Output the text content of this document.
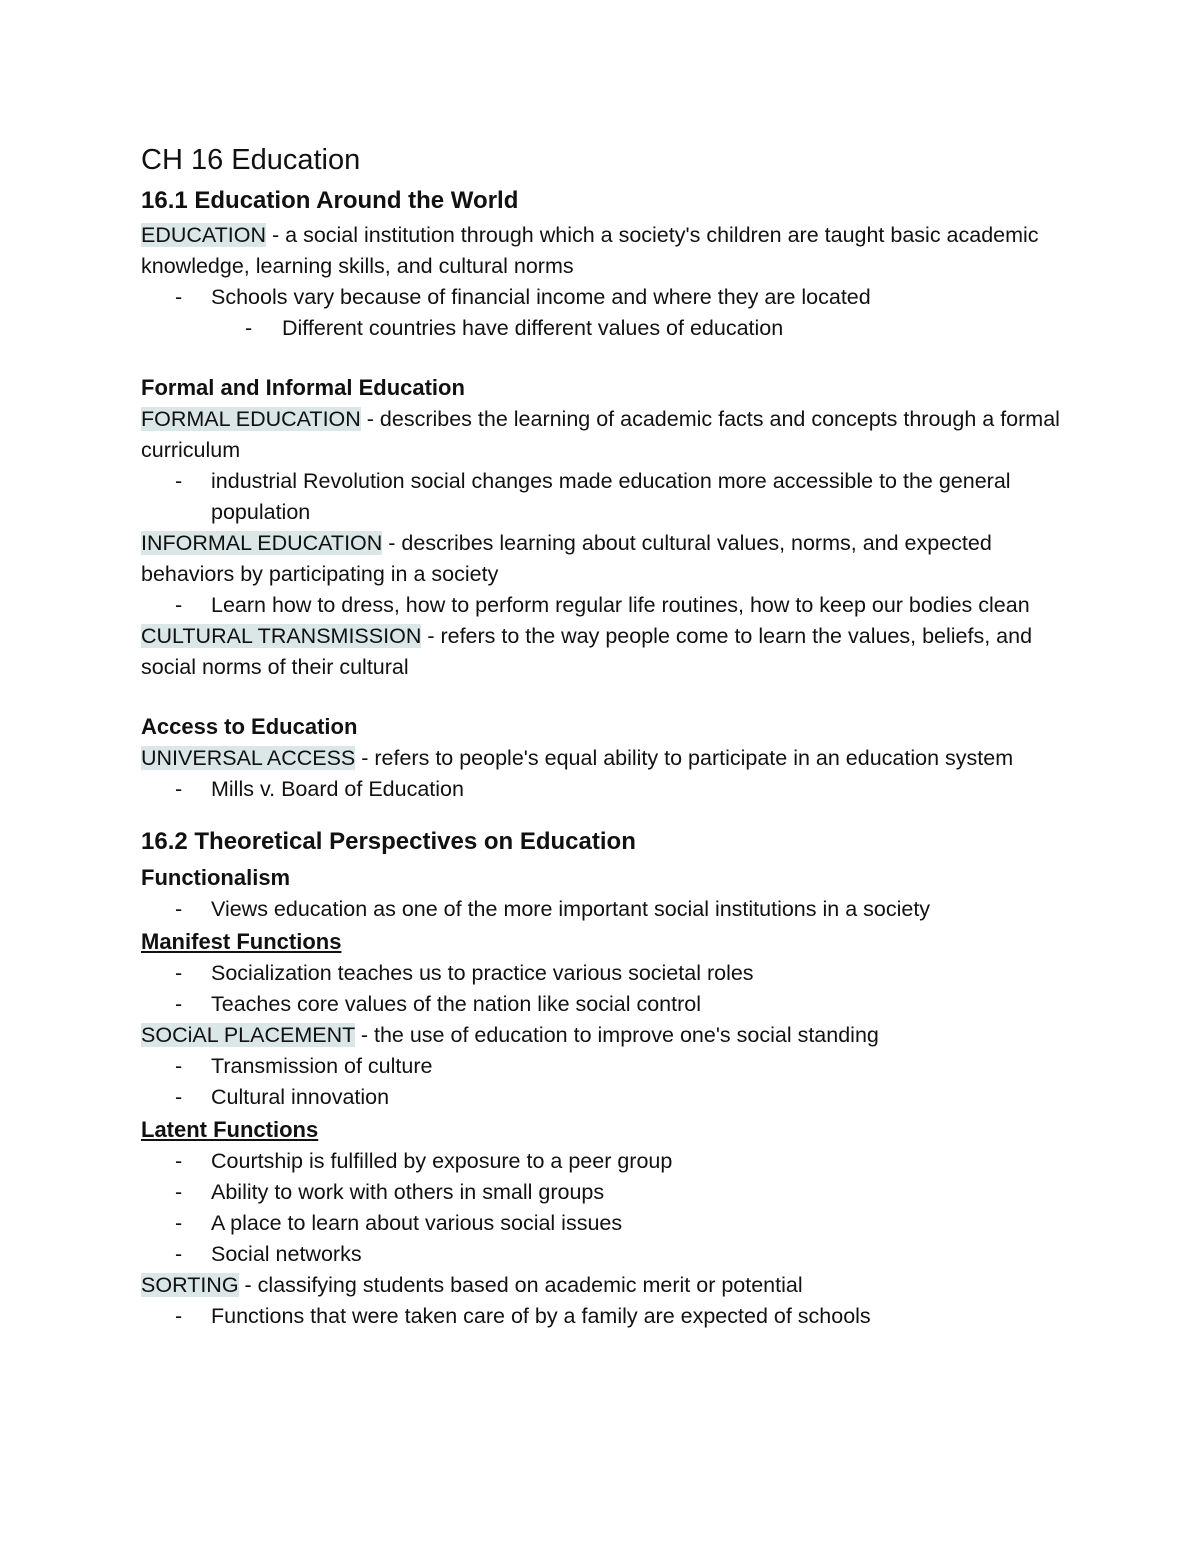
CH 16 Education
16.1 Education Around the World
EDUCATION - a social institution through which a society's children are taught basic academic knowledge, learning skills, and cultural norms
- Schools vary because of financial income and where they are located
- Different countries have different values of education
Formal and Informal Education
FORMAL EDUCATION - describes the learning of academic facts and concepts through a formal curriculum
- industrial Revolution social changes made education more accessible to the general population
INFORMAL EDUCATION - describes learning about cultural values, norms, and expected behaviors by participating in a society
- Learn how to dress, how to perform regular life routines, how to keep our bodies clean
CULTURAL TRANSMISSION - refers to the way people come to learn the values, beliefs, and social norms of their cultural
Access to Education
UNIVERSAL ACCESS - refers to people's equal ability to participate in an education system
- Mills v. Board of Education
16.2 Theoretical Perspectives on Education
Functionalism
- Views education as one of the more important social institutions in a society
Manifest Functions
- Socialization teaches us to practice various societal roles
- Teaches core values of the nation like social control
SOCiAL PLACEMENT - the use of education to improve one's social standing
- Transmission of culture
- Cultural innovation
Latent Functions
- Courtship is fulfilled by exposure to a peer group
- Ability to work with others in small groups
- A place to learn about various social issues
- Social networks
SORTING - classifying students based on academic merit or potential
- Functions that were taken care of by a family are expected of schools
